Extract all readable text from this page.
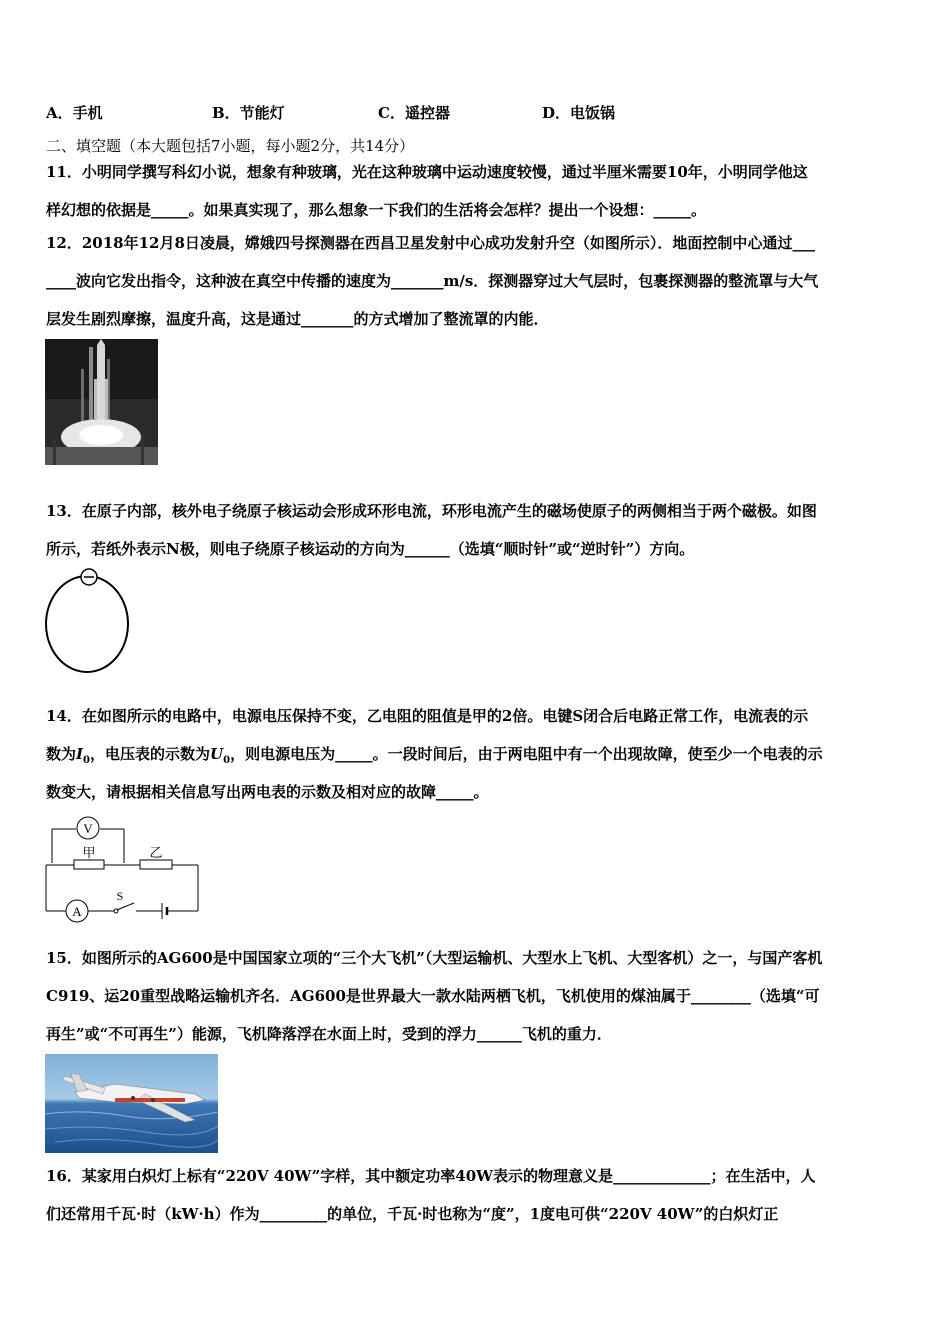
A．手机	B．节能灯	C．遥控器	D．电饭锅
二、填空题（本大题包括7小题，每小题2分，共14分）
11．小明同学撰写科幻小说，想象有种玻璃，光在这种玻璃中运动速度较慢，通过半厘米需要10年，小明同学他这
样幻想的依据是_____。如果真实现了，那么想象一下我们的生活将会怎样？提出一个设想：_____。
12．2018年12月8日凌晨，嫦娥四号探测器在西昌卫星发射中心成功发射升空（如图所示）．地面控制中心通过___
____波向它发出指令，这种波在真空中传播的速度为_______m/s．探测器穿过大气层时，包裹探测器的整流罩与大气
层发生剧烈摩擦，温度升高，这是通过_______的方式增加了整流罩的内能．
13．在原子内部，核外电子绕原子核运动会形成环形电流，环形电流产生的磁场使原子的两侧相当于两个磁极。如图
所示，若纸外表示N极，则电子绕原子核运动的方向为______（选填“顺时针”或“逆时针”）方向。
14．在如图所示的电路中，电源电压保持不变，乙电阻的阻值是甲的2倍。电键S闭合后电路正常工作，电流表的示
数为$I_0$，电压表的示数为$U_0$，则电源电压为_____。一段时间后，由于两电阻中有一个出现故障，使至少一个电表的示
数变大，请根据相关信息写出两电表的示数及相对应的故障_____。
V
甲	乙
A
S
15．如图所示的AG600是中国国家立项的“三个大飞机”（大型运输机、大型水上飞机、大型客机）之一，与国产客机
C919、运20重型战略运输机齐名．AG600是世界最大一款水陆两栖飞机，飞机使用的煤油属于________（选填“可
再生”或“不可再生”）能源，飞机降落浮在水面上时，受到的浮力______飞机的重力．
16．某家用白炽灯上标有“220V 40W”字样，其中额定功率40W表示的物理意义是_____________；在生活中，人
们还常用千瓦·时（kW·h）作为_________的单位，千瓦·时也称为“度”，1度电可供“220V 40W”的白炽灯正
